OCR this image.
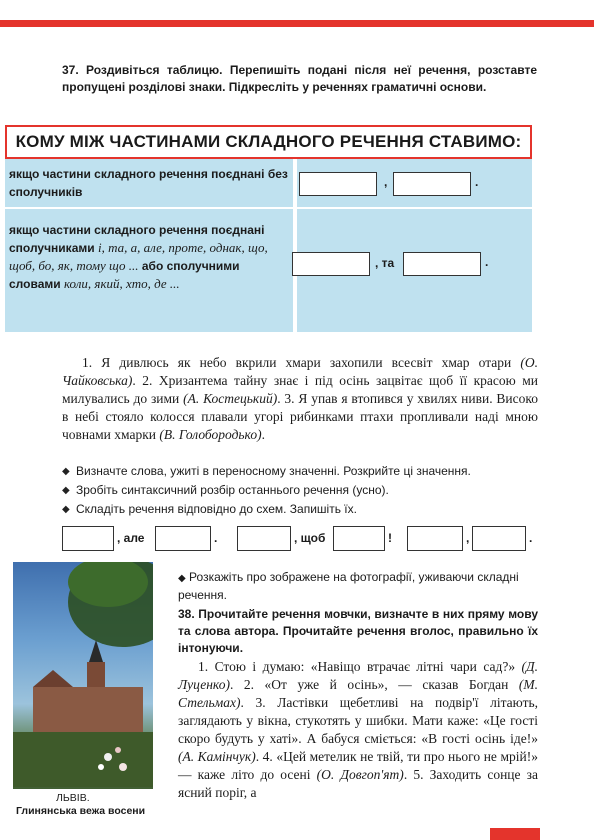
37. Роздивіться таблицю. Перепишіть подані після неї речення, розставте пропущені розділові знаки. Підкресліть у реченнях граматичні основи.

КОМУ МІЖ ЧАСТИНАМИ СКЛАДНОГО РЕЧЕННЯ СТАВИМО:
якщо частини складного речення поєднані без сполучників
,	.
якщо частини складного речення поєднані сполучниками і, та, а, але, проте, однак, що, щоб, бо, як, тому що ... або сполучними словами коли, який, хто, де ...
, та	.

1. Я дивлюсь як небо вкрили хмари захопили всесвіт хмар отари (О. Чайковська). 2. Хризантема тайну знає і під осінь зацвітає щоб її красою ми милувались до зими (А. Костецький). 3. Я упав я втопився у хвилях ниви. Високо в небі стояло колосся плавали угорі рибинками птахи пропливали наді мною човнами хмарки (В. Голобородько).

◆ Визначте слова, ужиті в переносному значенні. Розкрийте ці значення.
◆ Зробіть синтаксичний розбір останнього речення (усно).
◆ Складіть речення відповідно до схем. Запишіть їх.
, але	.	, щоб	!	,	.
ЛЬВІВ.
Глинянська вежа восени
◆ Розкажіть про зображене на фотографії, уживаючи складні речення.

38. Прочитайте речення мовчки, визначте в них пряму мову та слова автора. Прочитайте речення вголос, правильно їх інтонуючи.

1. Стою і думаю: «Навіщо втрачає літні чари сад?» (Д. Луценко). 2. «От уже й осінь», — сказав Богдан (М. Стельмах). 3. Ластівки щебетливі на подвір'ї літають, заглядають у вікна, стукотять у шибки. Мати каже: «Це гості скоро будуть у хаті». А бабуся сміється: «В гості осінь іде!» (А. Камінчук). 4. «Цей метелик не твій, ти про нього не мрій!» — каже літо до осені (О. Довгоп'ят). 5. Заходить сонце за ясний поріг, а
